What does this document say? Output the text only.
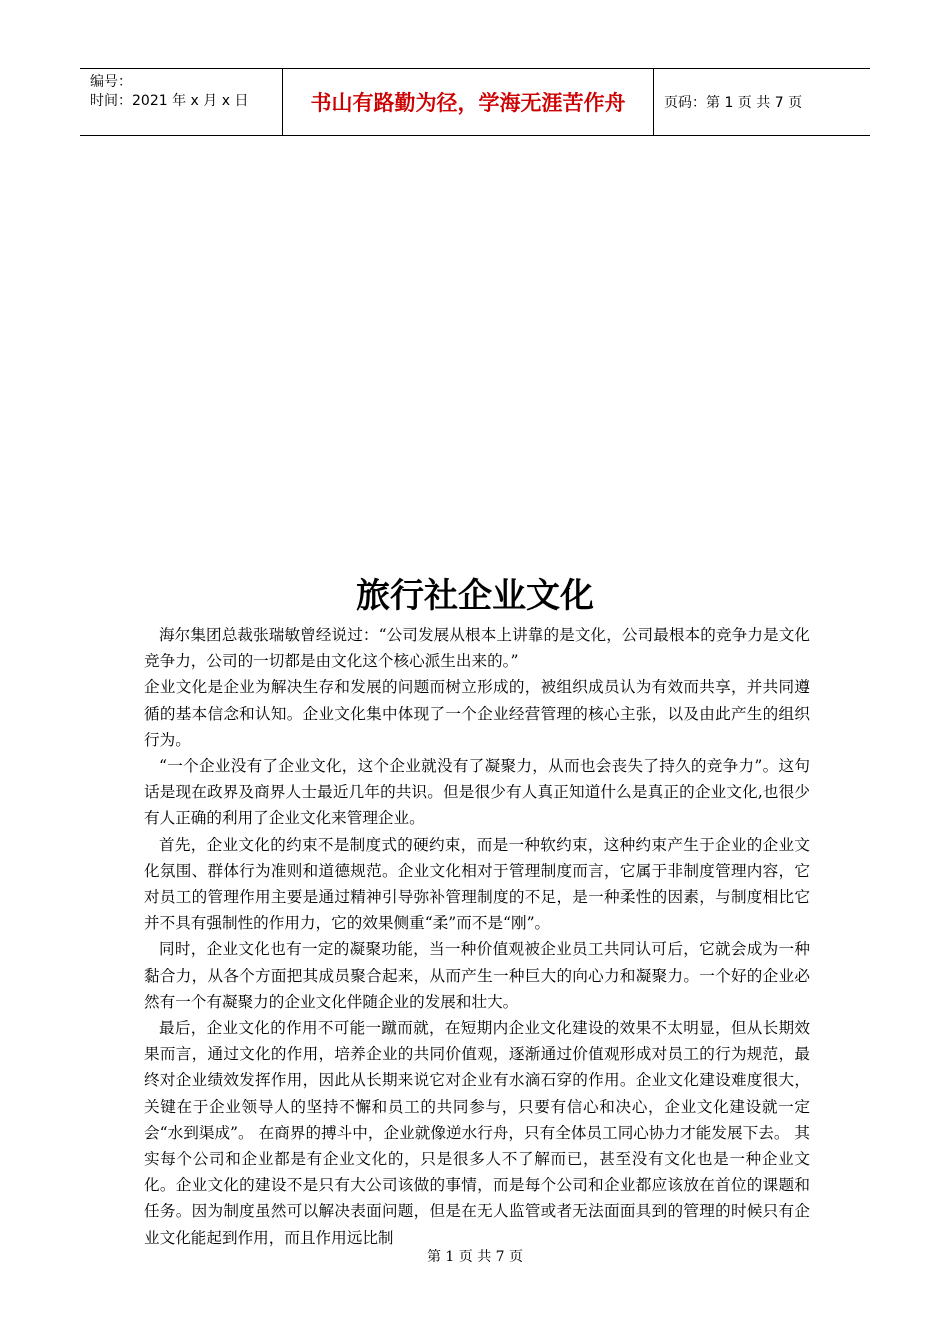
编号：
时间：2021 年 x 月 x 日	书山有路勤为径，学海无涯苦作舟	页码：第 1 页 共 7 页
旅行社企业文化

海尔集团总裁张瑞敏曾经说过：“公司发展从根本上讲靠的是文化，公司最根本的竞争力是文化竞争力，公司的一切都是由文化这个核心派生出来的。”

企业文化是企业为解决生存和发展的问题而树立形成的，被组织成员认为有效而共享，并共同遵循的基本信念和认知。企业文化集中体现了一个企业经营管理的核心主张，以及由此产生的组织行为。

“一个企业没有了企业文化，这个企业就没有了凝聚力，从而也会丧失了持久的竞争力”。这句话是现在政界及商界人士最近几年的共识。但是很少有人真正知道什么是真正的企业文化,也很少有人正确的利用了企业文化来管理企业。

首先，企业文化的约束不是制度式的硬约束，而是一种软约束，这种约束产生于企业的企业文化氛围、群体行为准则和道德规范。企业文化相对于管理制度而言，它属于非制度管理内容，它对员工的管理作用主要是通过精神引导弥补管理制度的不足，是一种柔性的因素，与制度相比它并不具有强制性的作用力，它的效果侧重“柔”而不是“刚”。

同时，企业文化也有一定的凝聚功能，当一种价值观被企业员工共同认可后，它就会成为一种黏合力，从各个方面把其成员聚合起来，从而产生一种巨大的向心力和凝聚力。一个好的企业必然有一个有凝聚力的企业文化伴随企业的发展和壮大。

最后，企业文化的作用不可能一蹴而就，在短期内企业文化建设的效果不太明显，但从长期效果而言，通过文化的作用，培养企业的共同价值观，逐渐通过价值观形成对员工的行为规范，最终对企业绩效发挥作用，因此从长期来说它对企业有水滴石穿的作用。企业文化建设难度很大，关键在于企业领导人的坚持不懈和员工的共同参与，只要有信心和决心，企业文化建设就一定会“水到渠成”。 在商界的搏斗中，企业就像逆水行舟，只有全体员工同心协力才能发展下去。 其实每个公司和企业都是有企业文化的，只是很多人不了解而已，甚至没有文化也是一种企业文化。企业文化的建设不是只有大公司该做的事情，而是每个公司和企业都应该放在首位的课题和任务。因为制度虽然可以解决表面问题，但是在无人监管或者无法面面具到的管理的时候只有企业文化能起到作用，而且作用远比制

第 1 页 共 7 页
